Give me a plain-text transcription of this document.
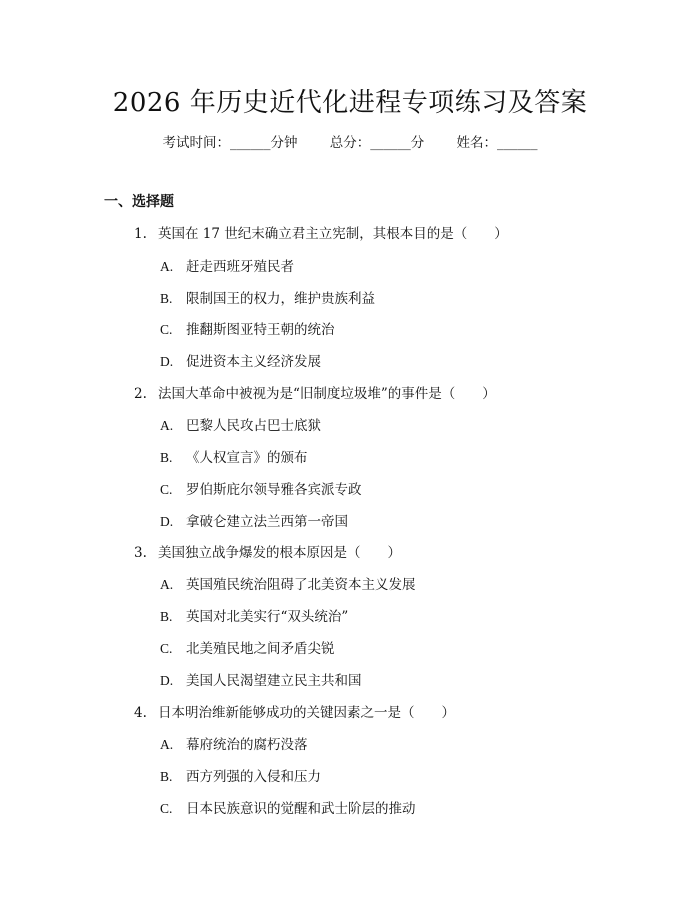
2026 年历史近代化进程专项练习及答案
考试时间：______分钟 总分：______分 姓名：______
一、选择题
1. 英国在 17 世纪末确立君主立宪制，其根本目的是（　　）
A. 赶走西班牙殖民者
B. 限制国王的权力，维护贵族利益
C. 推翻斯图亚特王朝的统治
D. 促进资本主义经济发展
2. 法国大革命中被视为是“旧制度垃圾堆”的事件是（　　）
A. 巴黎人民攻占巴士底狱
B. 《人权宣言》的颁布
C. 罗伯斯庇尔领导雅各宾派专政
D. 拿破仑建立法兰西第一帝国
3. 美国独立战争爆发的根本原因是（　　）
A. 英国殖民统治阻碍了北美资本主义发展
B. 英国对北美实行“双头统治”
C. 北美殖民地之间矛盾尖锐
D. 美国人民渴望建立民主共和国
4. 日本明治维新能够成功的关键因素之一是（　　）
A. 幕府统治的腐朽没落
B. 西方列强的入侵和压力
C. 日本民族意识的觉醒和武士阶层的推动
